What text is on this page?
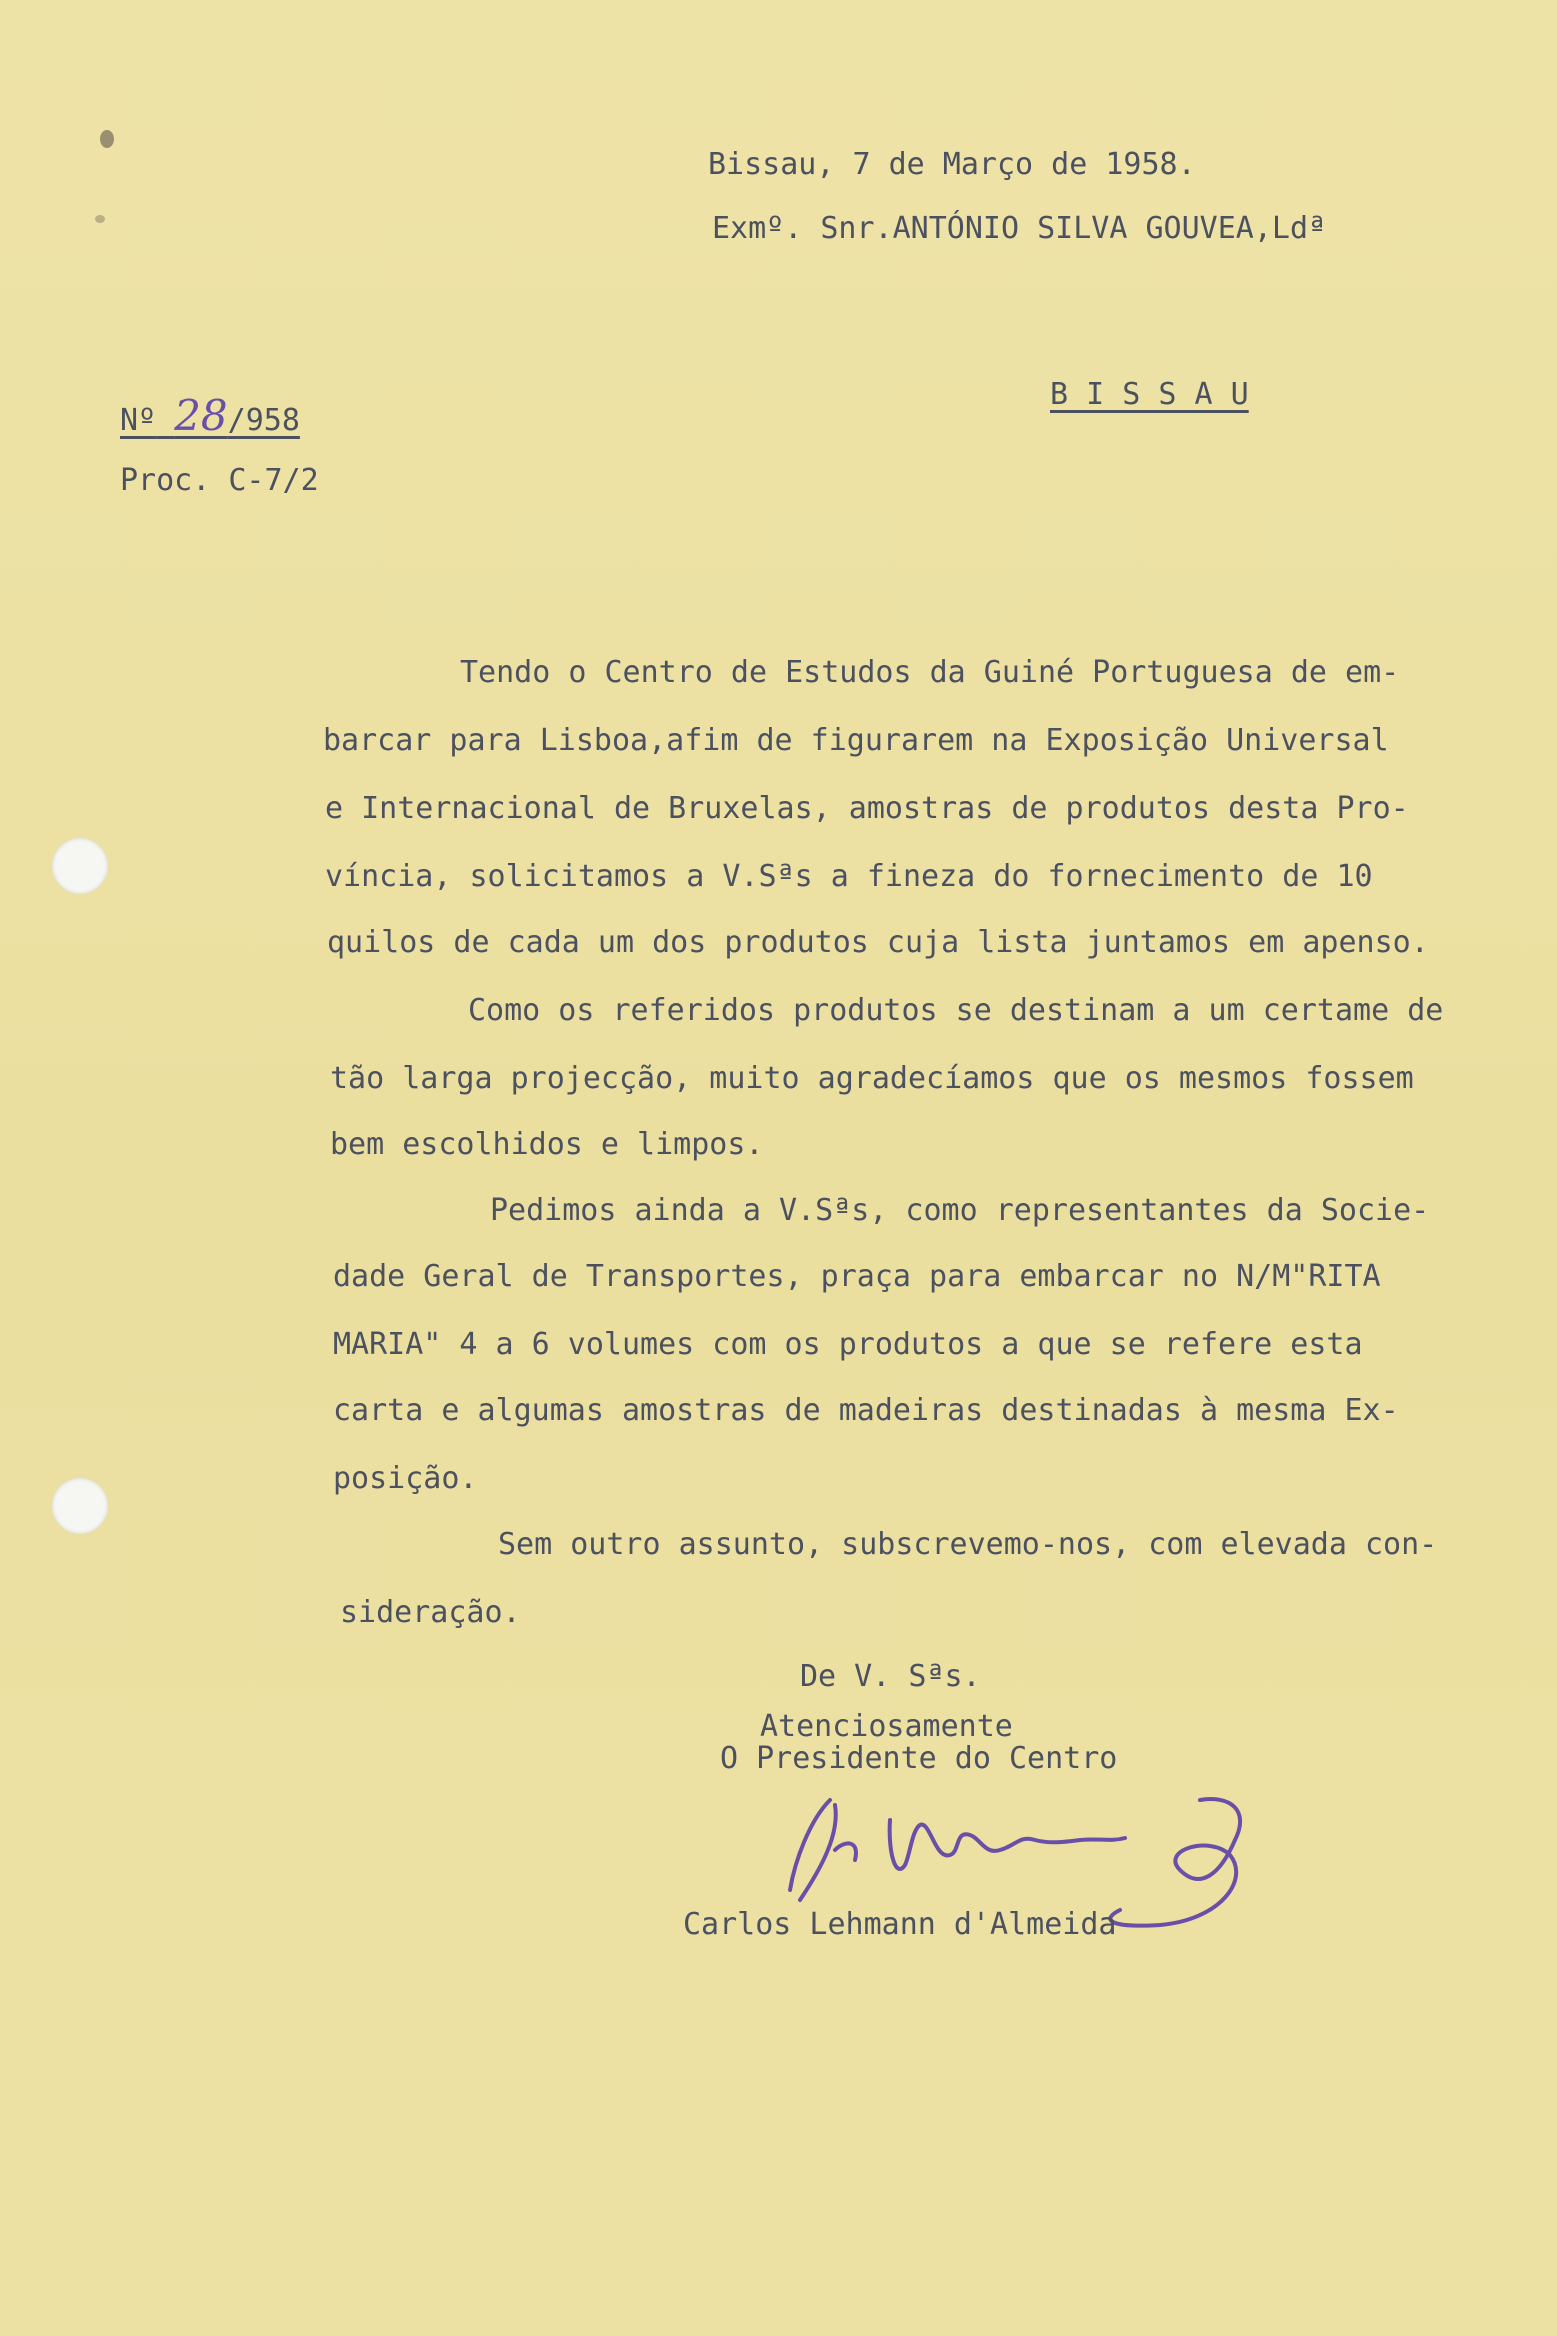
Bissau, 7 de Março de 1958.
Exmº. Snr.ANTÓNIO SILVA GOUVEA,Ldª
Nº 28/958
B I S S A U
Proc. C-7/2
Tendo o Centro de Estudos da Guiné Portuguesa de em-
barcar para Lisboa,afim de figurarem na Exposição Universal
e Internacional de Bruxelas, amostras de produtos desta Pro-
víncia, solicitamos a V.Sªs a fineza do fornecimento de 10
quilos de cada um dos produtos cuja lista juntamos em apenso.
Como os referidos produtos se destinam a um certame de
tão larga projecção, muito agradecíamos que os mesmos fossem
bem escolhidos e limpos.
Pedimos ainda a V.Sªs, como representantes da Socie-
dade Geral de Transportes, praça para embarcar no N/M"RITA
MARIA" 4 a 6 volumes com os produtos a que se refere esta
carta e algumas amostras de madeiras destinadas à mesma Ex-
posição.
Sem outro assunto, subscrevemo-nos, com elevada con-
sideração.
De V. Sªs.
Atenciosamente
O Presidente do Centro
Carlos Lehmann d'Almeida
